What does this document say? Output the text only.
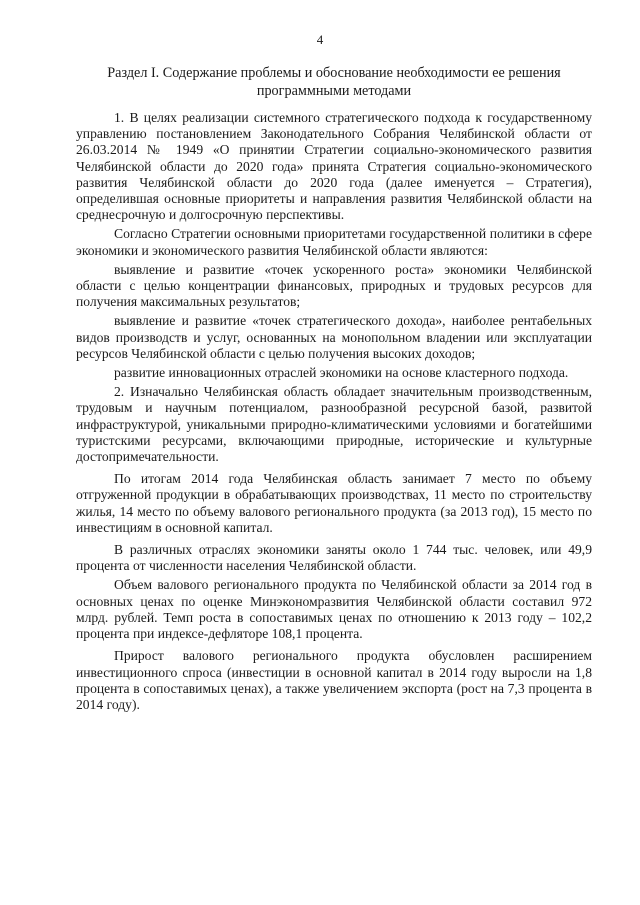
4
Раздел I. Содержание проблемы и обоснование необходимости ее решения программными методами

1. В целях реализации системного стратегического подхода к государственному управлению постановлением Законодательного Собрания Челябинской области от 26.03.2014 № 1949 «О принятии Стратегии социально-экономического развития Челябинской области до 2020 года» принята Стратегия социально-экономического развития Челябинской области до 2020 года (далее именуется – Стратегия), определившая основные приоритеты и направления развития Челябинской области на среднесрочную и долгосрочную перспективы.

Согласно Стратегии основными приоритетами государственной политики в сфере экономики и экономического развития Челябинской области являются:

выявление и развитие «точек ускоренного роста» экономики Челябинской области с целью концентрации финансовых, природных и трудовых ресурсов для получения максимальных результатов;

выявление и развитие «точек стратегического дохода», наиболее рентабельных видов производств и услуг, основанных на монопольном владении или эксплуатации ресурсов Челябинской области с целью получения высоких доходов;

развитие инновационных отраслей экономики на основе кластерного подхода.

2. Изначально Челябинская область обладает значительным производственным, трудовым и научным потенциалом, разнообразной ресурсной базой, развитой инфраструктурой, уникальными природно-климатическими условиями и богатейшими туристскими ресурсами, включающими природные, исторические и культурные достопримечательности.

По итогам 2014 года Челябинская область занимает 7 место по объему отгруженной продукции в обрабатывающих производствах, 11 место по строительству жилья, 14 место по объему валового регионального продукта (за 2013 год), 15 место по инвестициям в основной капитал.

В различных отраслях экономики заняты около 1 744 тыс. человек, или 49,9 процента от численности населения Челябинской области.

Объем валового регионального продукта по Челябинской области за 2014 год в основных ценах по оценке Минэкономразвития Челябинской области составил 972 млрд. рублей. Темп роста в сопоставимых ценах по отношению к 2013 году – 102,2 процента при индексе-дефляторе 108,1 процента.

Прирост валового регионального продукта обусловлен расширением инвестиционного спроса (инвестиции в основной капитал в 2014 году выросли на 1,8 процента в сопоставимых ценах), а также увеличением экспорта (рост на 7,3 процента в 2014 году).
